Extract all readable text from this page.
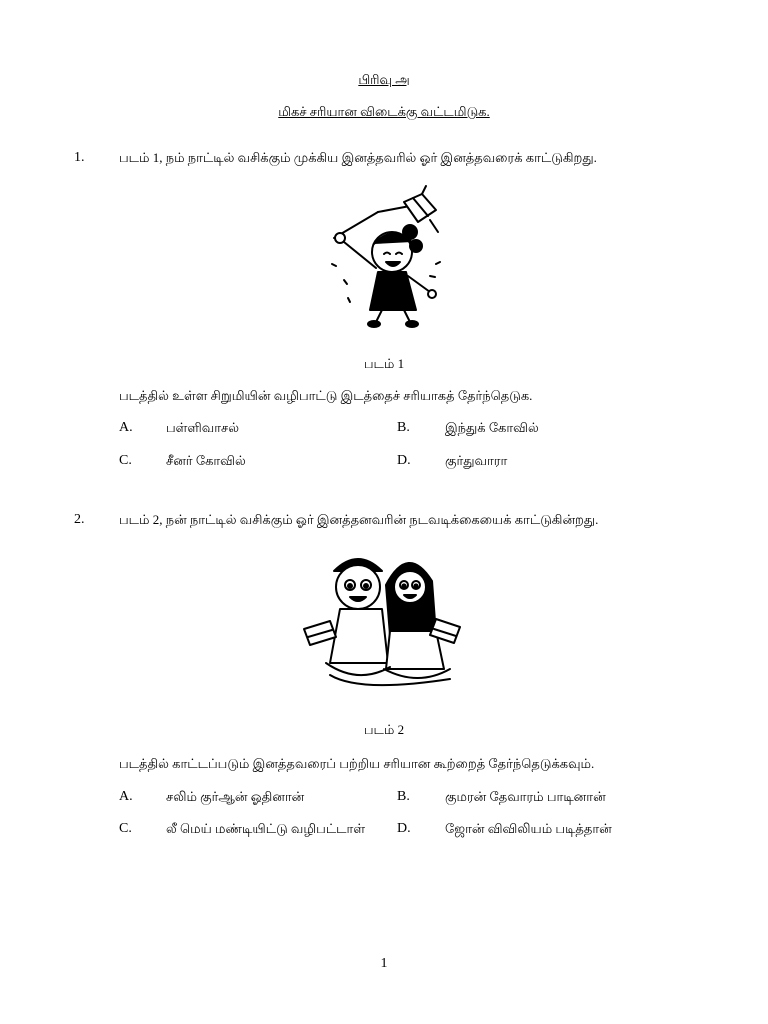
பிரிவு அ
மிகச் சரியான விடைக்கு வட்டமிடுக.
1.	படம் 1, நம் நாட்டில் வசிக்கும் முக்கிய இனத்தவரில் ஓர் இனத்தவரைக் காட்டுகிறது.
படம் 1
படத்தில் உள்ள சிறுமியின் வழிபாட்டு இடத்தைச் சரியாகத் தேர்ந்தெடுக.
A.	பள்ளிவாசல்	B.	இந்துக் கோவில்
C.	சீனர் கோவில்	D.	குர்துவாரா
2.	படம் 2, நன் நாட்டில் வசிக்கும் ஓர் இனத்தனவரின் நடவடிக்கையைக் காட்டுகின்றது.
படம் 2
படத்தில் காட்டப்படும் இனத்தவரைப் பற்றிய சரியான கூற்றைத் தேர்ந்தெடுக்கவும்.
A.	சலிம் குர்ஆன் ஓதினான்	B.	குமரன் தேவாரம் பாடினான்
C.	லீ மெய் மண்டியிட்டு வழிபட்டாள் D.	ஜோன் விவிலியம் படித்தான்
1
